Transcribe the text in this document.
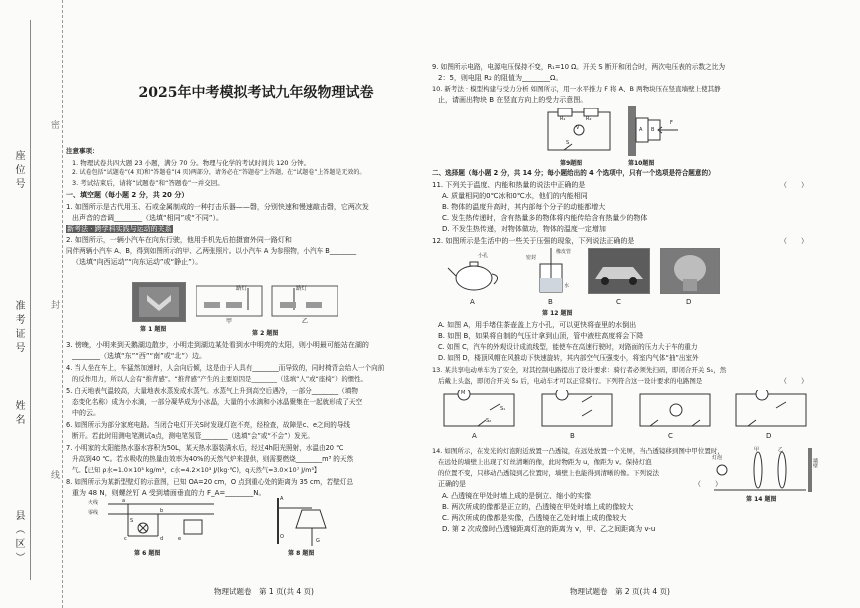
座位号
准考证号
姓名
县（区）
密
封
线
2025年中考模拟考试九年级物理试卷
注意事项：
1. 物理试卷共四大题 23 小题，满分 70 分。物理与化学的考试时间共 120 分钟。
2. 试卷包括“试题卷”(4 页)和“答题卷”(4 页)两部分，请务必在“答题卷”上答题，在“试题卷”上答题是无效的。
3. 考试结束后，请将“试题卷”和“答题卷”一并交回。
一、填空题（每小题 2 分，共 20 分）
1. 如图所示是古代用玉、石或金属制成的一种打击乐器——磬，分别快速和慢速敲击磬，它两次发
出声音的音调________（选填“相同”或“不同”）。
新考法 · 跨学科实践与运动的关系
2. 如图所示，一辆小汽车在向东行驶，他用手机先后拍摄窗外同一路灯和
同伴两辆小汽车 A、B，得到如图所示的甲、乙两张照片。以小汽车 A 为参照物，小汽车 B________
（选填“向西运动”“向东运动”或“静止”）。
第 1 题图
路灯	路灯
甲	乙
第 2 题图
3. 傍晚，小明来到天鹅湖边散步，小明走到湖边某处看到水中明亮的太阳，则小明最可能站在湖的
________（选填“东”“西”“南”或“北”）边。
4. 当人坐在车上，车猛然加速时，人会向后倾，这是由于人具有________而导致的，同时椅背会给人一个向前
的反作用力，所以人会有“推背感”。“推背感”产生的主要原因是________（选填“人”或“座椅”）的惯性。
5. 白天地表气温较高，大量地表水蒸发成水蒸气。水蒸气上升到高空后遇冷，一部分________（填物
态变化名称）成为小水滴，一部分凝华成为小冰晶，大量的小水滴和小冰晶聚集在一起就形成了天空
中的云。
6. 如图所示为部分家庭电路。当闭合电灯开关S时发现灯泡不亮，经检查，故障是c、e之间的导线
断开。若此时用测电笔测试a点，测电笔氖管________（选填“会”或“不会”）发光。
7. 小明家的太阳能热水器水容积为50L，某天热水器装满水后，经过4h阳光照射，水温由20 ℃
升高到40 ℃。若水吸收的热量由效率为40%的天然气炉来提供，则需要燃烧________m³ 的天然
气。【已知 ρ水=1.0×10³ kg/m³，c水=4.2×10³ J/(kg·℃)，q天然气=3.0×10⁷ J/m³】
8. 如图所示为某新型壁灯的示意图，已知 OA=20 cm，O 点到重心处的距离为 35 cm，若壁灯总
重为 48 N，则螺丝钉 A 受到墙面垂直的力 F_A=________N。
火线
零线
S
a
b
c	d	e
第 6 题图
A
O
G
第 8 题图
物理试题卷　第 1 页(共 4 页)
9. 如图所示电路，电源电压保持不变，R₁=10 Ω。开关 S 断开和闭合时，两次电压表的示数之比为
2：5，则电阻 R₂ 的阻值为________Ω。
10. 新考法 · 模型构建与受力分析 如图所示，用一水平推力 F 将 A、B 两物块压在竖直墙壁上使其静
止，请画出物块 B 在竖直方向上的受力示意图。
R₁	R₂
V
S
第9题图
A B
F
第10题图
二、选择题（每小题 2 分，共 14 分；每小题给出的 4 个选项中，只有一个选项是符合题意的）
11. 下列关于温度、内能和热量的说法中正确的是	（　　）
A. 质量相同的0℃冰和0℃水，他们的内能相同
B. 物体的温度升高时，其内部每个分子的动能都增大
C. 发生热传递时，含有热量多的物体将内能传给含有热量少的物体
D. 不发生热传递，对物体做功，物体的温度一定增加
12. 如图所示是生活中的一些关于压强的现象，下列说法正确的是	（　　）
小孔	密封
橡皮管
水
A	B	C	D
第 12 题图
A. 如图 A，用手堵住茶壶盖上方小孔，可以更快将壶里的水倒出
B. 如图 B，如果将自制的气压计拿到山顶，管中液柱高度将会下降
C. 如图 C，汽车的外观设计成流线型，能使车在高速行驶时，对路面的压力大于车的重力
D. 如图 D，楼顶风帽在风推动下快速旋转，其内部空气压强变小，将室内气体“抽”出室外
13. 某共享电动单车为了安全，对其控制电路提出了设计要求：骑行者必须先扫码，即闭合开关 S₁，然
后戴上头盔，即闭合开关 S₂ 后，电动车才可以正常骑行。下列符合这一设计要求的电路图是	（　　）
M
S₁
S₂
A	B	C	D
14. 如图所示，在发光的灯泡附近放置一凸透镜，在远处放置一个光屏，当凸透镜移到图中甲位置时，
在远处的墙壁上出现了灯丝清晰的像，此时物距为 u，像距为 v。保持灯泡
的位置不变，只移动凸透镜到乙位置时，墙壁上也能得到清晰的像。下列说法
正确的是	（　　）
A. 凸透镜在甲处时墙上成的是倒立、缩小的实像
B. 两次所成的像都是正立的，凸透镜在甲处时墙上成的像较大
C. 两次所成的像都是实像，凸透镜在乙处时墙上成的像较大
D. 第 2 次成像时凸透镜距离灯泡的距离为 v，甲、乙之间距离为 v-u
灯泡
甲	乙
墙壁
第 14 题图
物理试题卷　第 2 页(共 4 页)
